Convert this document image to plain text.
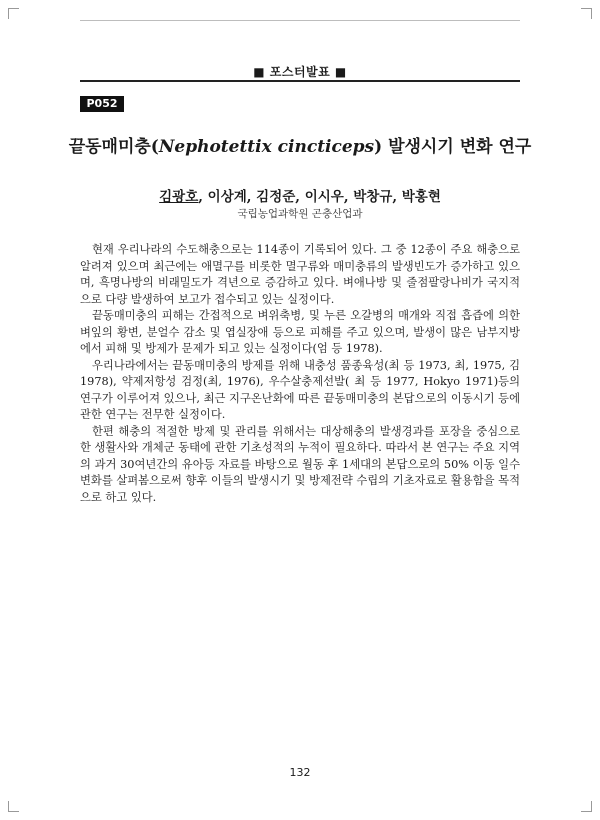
■ 포스터발표 ■
P052
끝동매미충(Nephotettix cincticeps) 발생시기 변화 연구
김광호, 이상계, 김정준, 이시우, 박창규, 박홍현
국립농업과학원 곤충산업과

현재 우리나라의 수도해충으로는 114종이 기록되어 있다. 그 중 12종이 주요 해충으로 알려져 있으며 최근에는 애멸구를 비롯한 멸구류와 매미충류의 발생빈도가 증가하고 있으며, 흑명나방의 비래밀도가 격년으로 증감하고 있다. 벼애나방 및 줄점팔랑나비가 국지적으로 다량 발생하여 보고가 접수되고 있는 실정이다.

끝동매미충의 피해는 간접적으로 벼위축병, 및 누른 오갈병의 매개와 직접 흡즙에 의한 벼잎의 황변, 분얼수 감소 및 엽실장애 등으로 피해를 주고 있으며, 발생이 많은 남부지방에서 피해 및 방제가 문제가 되고 있는 실정이다(엄 등 1978).

우리나라에서는 끝동매미충의 방제를 위해 내충성 품종육성(최 등 1973, 최, 1975, 김 1978), 약제저항성 검정(최, 1976), 우수살충제선발( 최 등 1977, Hokyo 1971)등의 연구가 이루어져 있으나, 최근 지구온난화에 따른 끝동매미충의 본답으로의 이동시기 등에 관한 연구는 전무한 실정이다.

한편 해충의 적절한 방제 및 관리를 위해서는 대상해충의 발생경과를 포장을 중심으로 한 생활사와 개체군 동태에 관한 기초성적의 누적이 필요하다. 따라서 본 연구는 주요 지역의 과거 30여년간의 유아등 자료를 바탕으로 월동 후 1세대의 본답으로의 50% 이동 일수 변화를 살펴봄으로써 향후 이들의 발생시기 및 방제전략 수립의 기초자료로 활용함을 목적으로 하고 있다.

132
